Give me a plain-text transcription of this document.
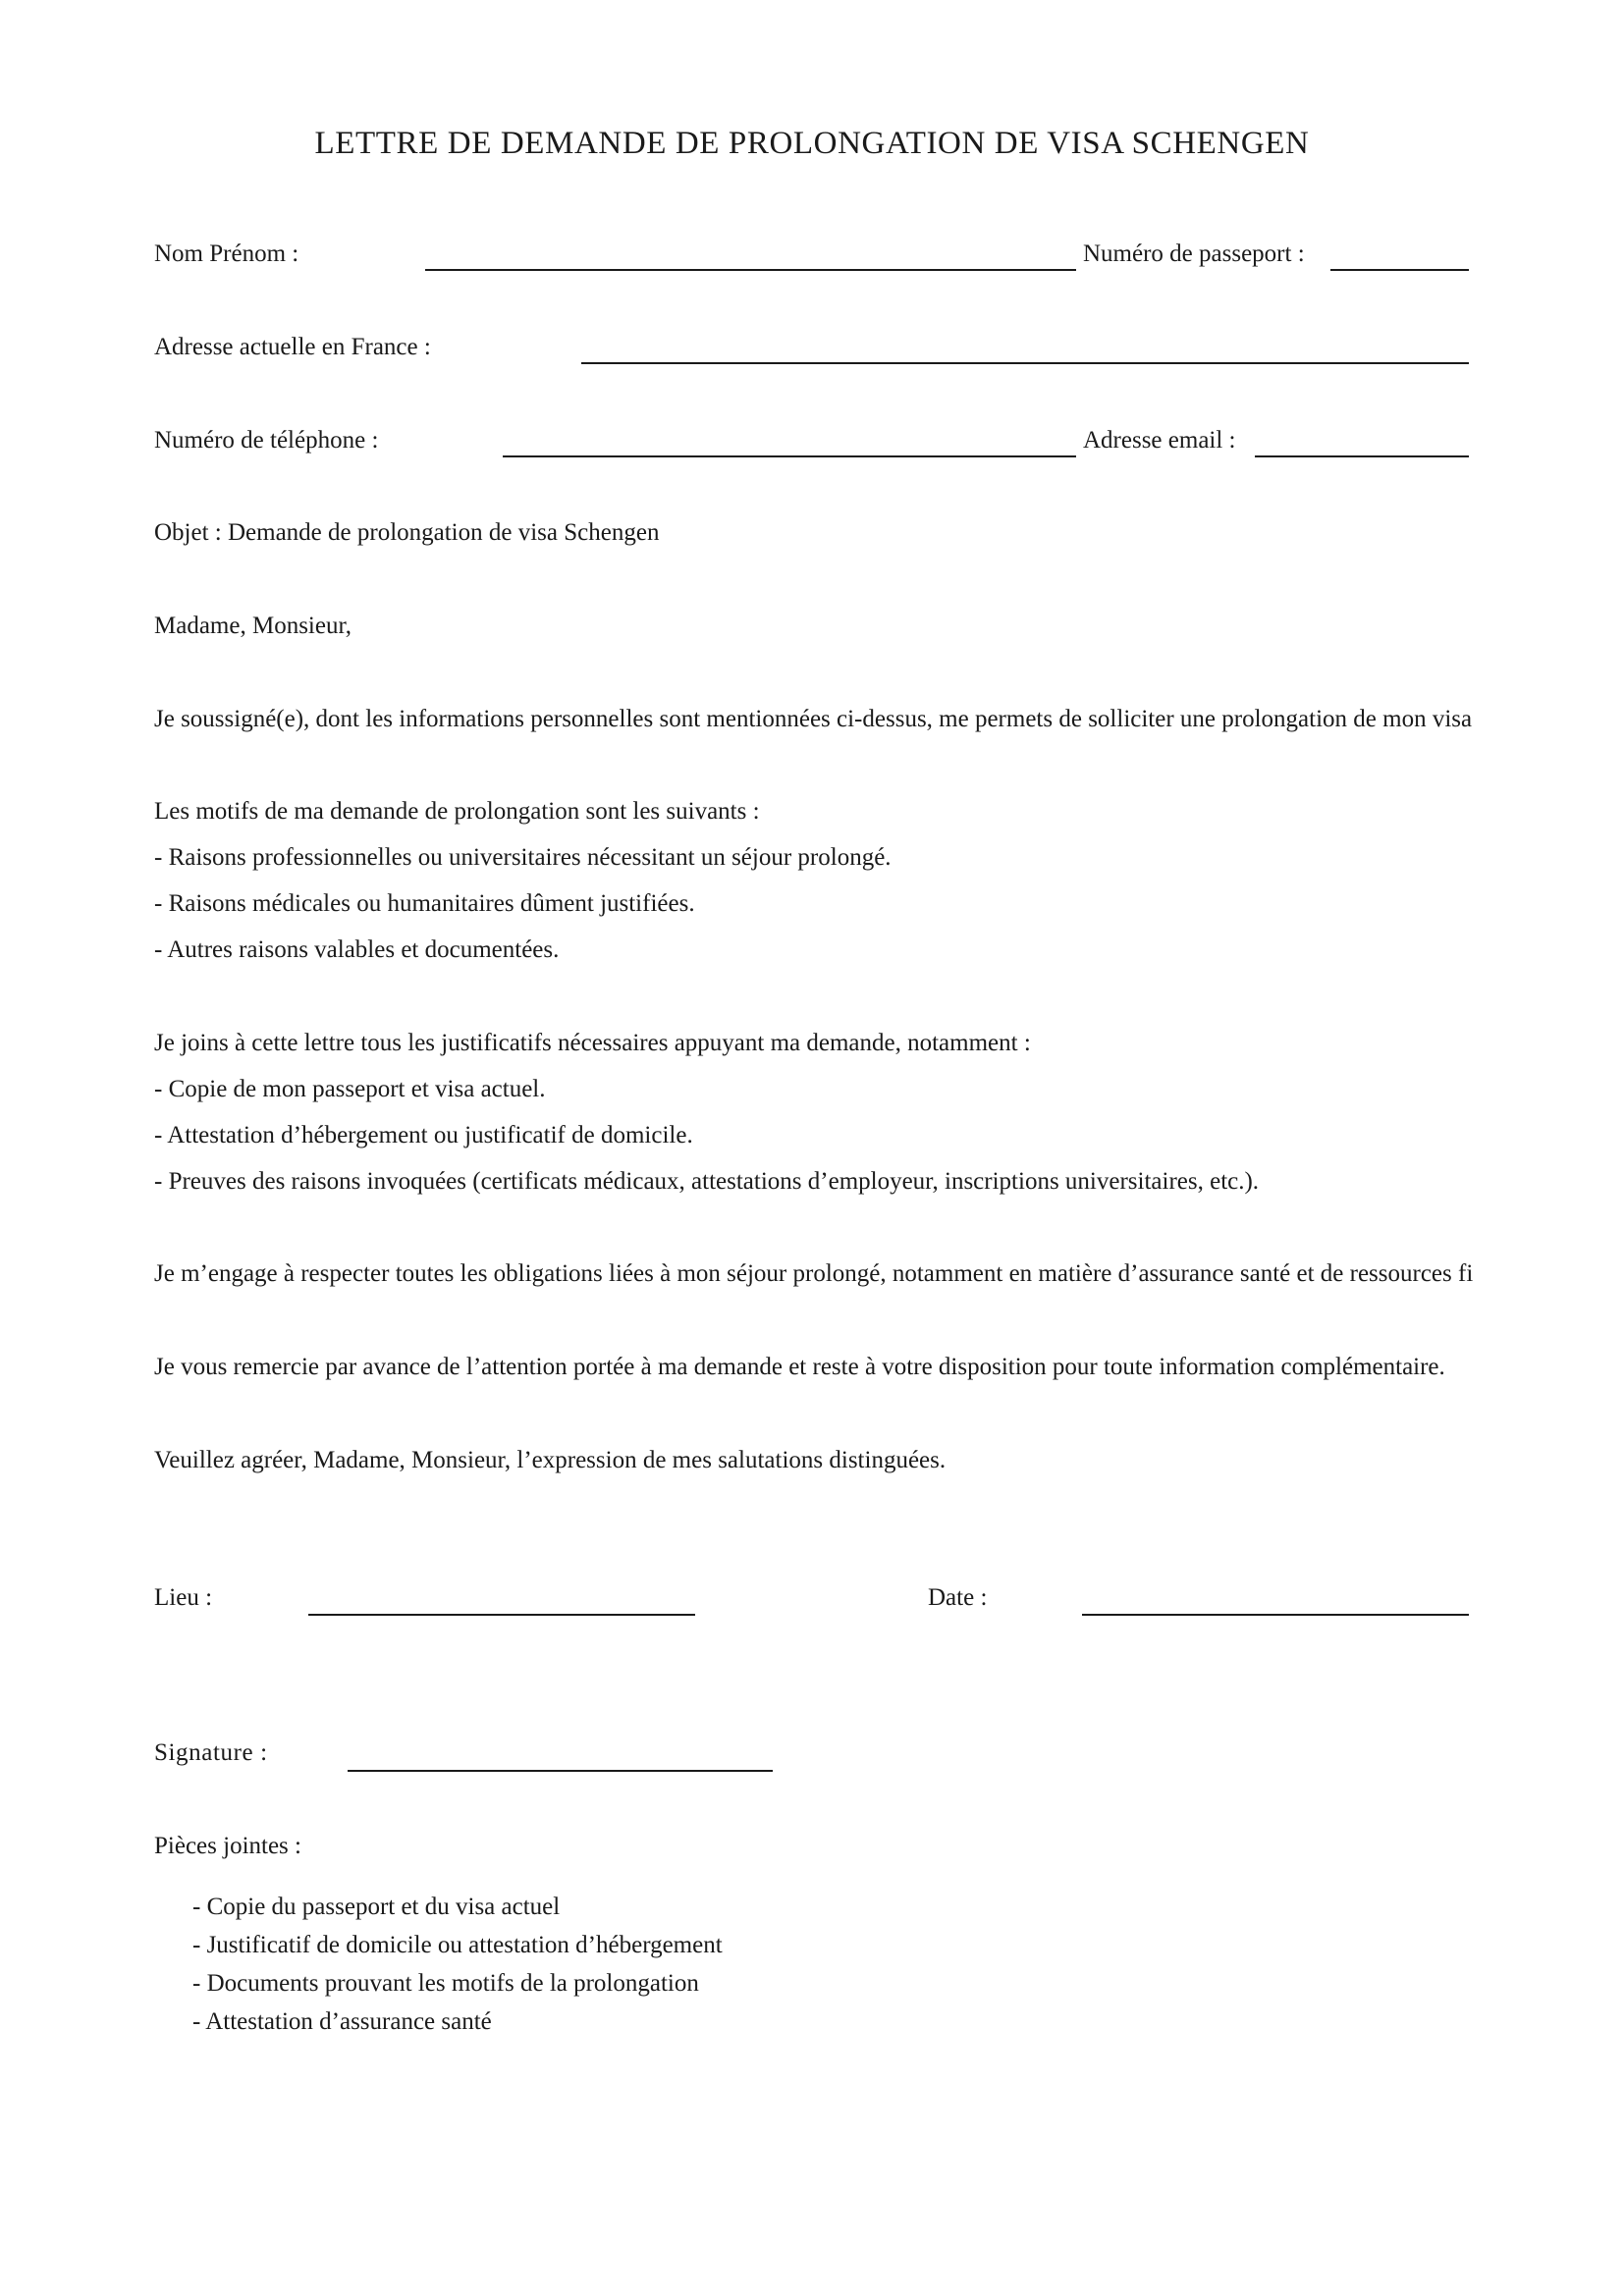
LETTRE DE DEMANDE DE PROLONGATION DE VISA SCHENGEN
Nom Prénom :	Numéro de passeport :
Adresse actuelle en France :
Numéro de téléphone :	Adresse email :
Objet : Demande de prolongation de visa Schengen
Madame, Monsieur,
Je soussigné(e), dont les informations personnelles sont mentionnées ci-dessus, me permets de solliciter une prolongation de mon visa
Les motifs de ma demande de prolongation sont les suivants :
- Raisons professionnelles ou universitaires nécessitant un séjour prolongé.
- Raisons médicales ou humanitaires dûment justifiées.
- Autres raisons valables et documentées.
Je joins à cette lettre tous les justificatifs nécessaires appuyant ma demande, notamment :
- Copie de mon passeport et visa actuel.
- Attestation d’hébergement ou justificatif de domicile.
- Preuves des raisons invoquées (certificats médicaux, attestations d’employeur, inscriptions universitaires, etc.).
Je m’engage à respecter toutes les obligations liées à mon séjour prolongé, notamment en matière d’assurance santé et de ressources fi
Je vous remercie par avance de l’attention portée à ma demande et reste à votre disposition pour toute information complémentaire.
Veuillez agréer, Madame, Monsieur, l’expression de mes salutations distinguées.
Lieu :	Date :
Signature :
Pièces jointes :
- Copie du passeport et du visa actuel
- Justificatif de domicile ou attestation d’hébergement
- Documents prouvant les motifs de la prolongation
- Attestation d’assurance santé
